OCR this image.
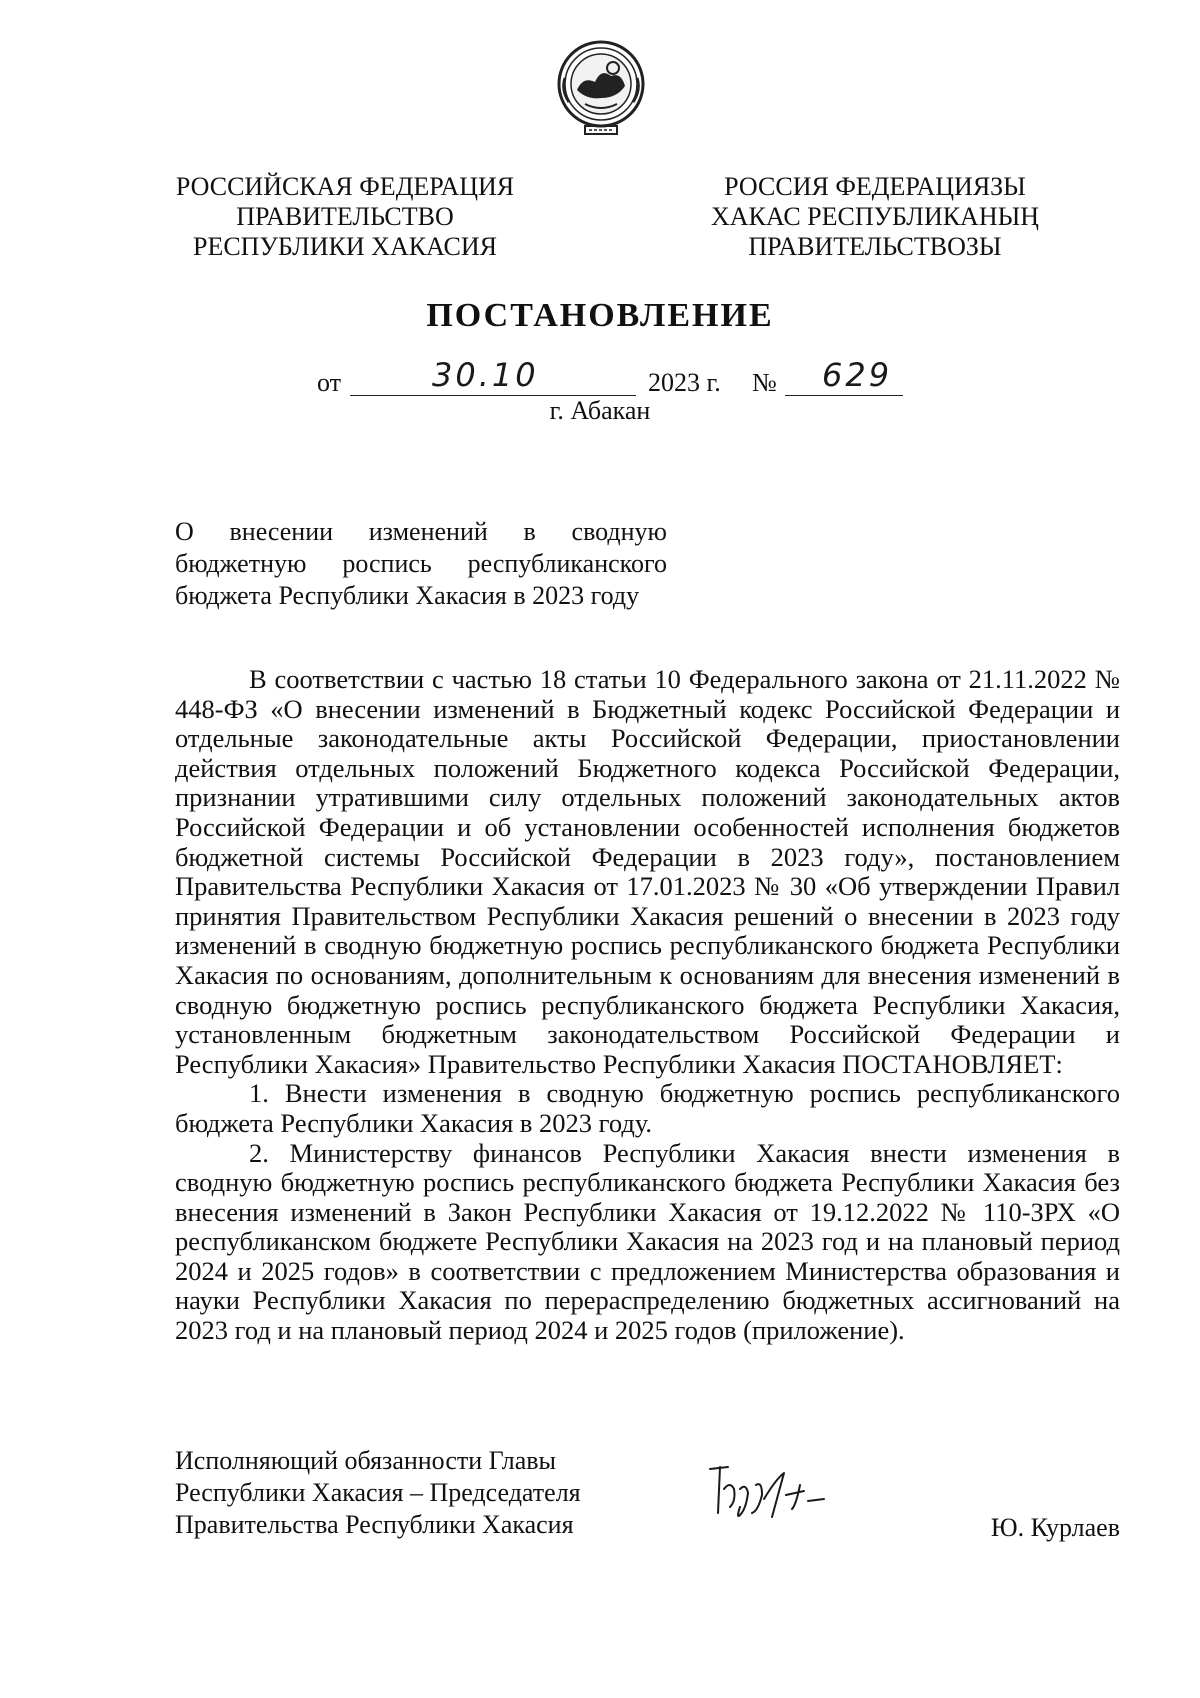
РОССИЙСКАЯ ФЕДЕРАЦИЯ
ПРАВИТЕЛЬСТВО
РЕСПУБЛИКИ ХАКАСИЯ
РОССИЯ ФЕДЕРАЦИЯЗЫ
ХАКАС РЕСПУБЛИКАНЫҢ
ПРАВИТЕЛЬСТВОЗЫ
ПОСТАНОВЛЕНИЕ
от	30.10	2023 г. № 629
г. Абакан
О внесении изменений в сводную бюджетную роспись республиканского бюджета Республики Хакасия в 2023 году

В соответствии с частью 18 статьи 10 Федерального закона от 21.11.2022 № 448-ФЗ «О внесении изменений в Бюджетный кодекс Российской Федерации и отдельные законодательные акты Российской Федерации, приостановлении действия отдельных положений Бюджетного кодекса Российской Федерации, признании утратившими силу отдельных положений законодательных актов Российской Федерации и об установлении особенностей исполнения бюджетов бюджетной системы Российской Федерации в 2023 году», постановлением Правительства Республики Хакасия от 17.01.2023 № 30 «Об утверждении Правил принятия Правительством Республики Хакасия решений о внесении в 2023 году изменений в сводную бюджетную роспись республиканского бюджета Республики Хакасия по основаниям, дополнительным к основаниям для внесения изменений в сводную бюджетную роспись республиканского бюджета Республики Хакасия, установленным бюджетным законодательством Российской Федерации и Республики Хакасия» Правительство Республики Хакасия ПОСТАНОВЛЯЕТ:

1. Внести изменения в сводную бюджетную роспись республиканского бюджета Республики Хакасия в 2023 году.

2. Министерству финансов Республики Хакасия внести изменения в сводную бюджетную роспись республиканского бюджета Республики Хакасия без внесения изменений в Закон Республики Хакасия от 19.12.2022 № 110-ЗРХ «О республиканском бюджете Республики Хакасия на 2023 год и на плановый период 2024 и 2025 годов» в соответствии с предложением Министерства образования и науки Республики Хакасия по перераспределению бюджетных ассигнований на 2023 год и на плановый период 2024 и 2025 годов (приложение).

Исполняющий обязанности Главы
Республики Хакасия – Председателя
Правительства Республики Хакасия	Ю. Курлаев
